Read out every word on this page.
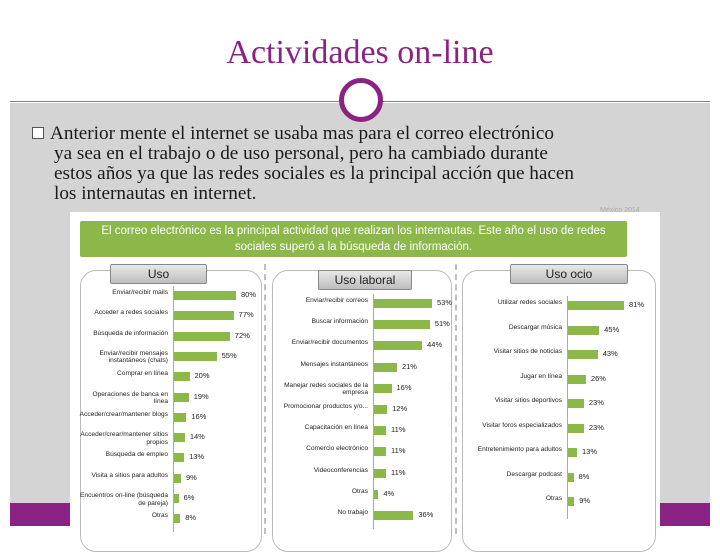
Actividades on-line
Anterior mente el internet se usaba mas para el correo electrónico
ya sea en el trabajo o de uso personal, pero ha cambiado durante
estos años ya que las redes sociales es la principal acción que hacen
los internautas en internet.
México 2014
El correo electrónico es la principal actividad que realizan los internautas. Este año el uso de redes
sociales superó a la búsqueda de información.
Uso
Enviar/recibir mails	80%
Acceder a redes sociales	77%
Búsqueda de información	72%
Enviar/recibir mensajes instantáneos (chats)
55%
Comprar en línea	20%
Operaciones de banca en línea
19%
Acceder/crear/mantener blogs	16%
Acceder/crear/mantener sitios propios
14%
Búsqueda de empleo	13%
Visita a sitios para adultos 9%
Encuentros on-line (búsqueda de pareja)
6%
Otras 8%
Uso laboral
Enviar/recibir correos	53%
Buscar información	51%
Enviar/recibir documentos	44%
Mensajes instantáneos	21%
Manejar redes sociales de la empresa
16%
Promocionar productos y/o...	12%
Capacitación en línea	11%
Comercio electrónico	11%
Videoconferencias	11%
Otras 4%
No trabajo	36%
Uso ocio
Utilizar redes sociales	81%
Descargar música	45%
Visitar sitios de noticias	43%
Jugar en línea	26%
Visitar sitios deportivos	23%
Visitar foros especializados	23%
Entretenimiento para adultos	13%
Descargar podcast 8%
Otras 9%
